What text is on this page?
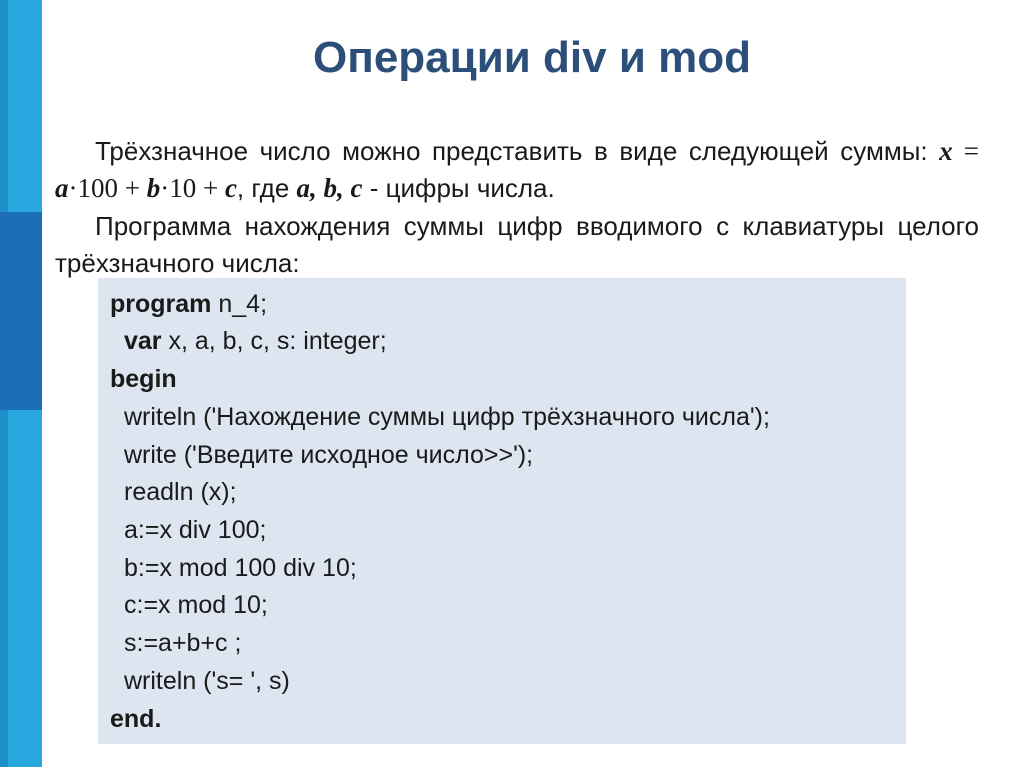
Операции div и mod

Трёхзначное число можно представить в виде следующей суммы: x = a·100 + b·10 + c, где a, b, c - цифры числа.

Программа нахождения суммы цифр вводимого с клавиатуры целого трёхзначного числа:

program n_4;
var x, a, b, c, s: integer;
begin
writeln ('Нахождение суммы цифр трёхзначного числа');
write ('Введите исходное число>>');
readln (x);
a:=x div 100;
b:=x mod 100 div 10;
c:=x mod 10;
s:=a+b+c ;
writeln ('s= ', s)
end.
